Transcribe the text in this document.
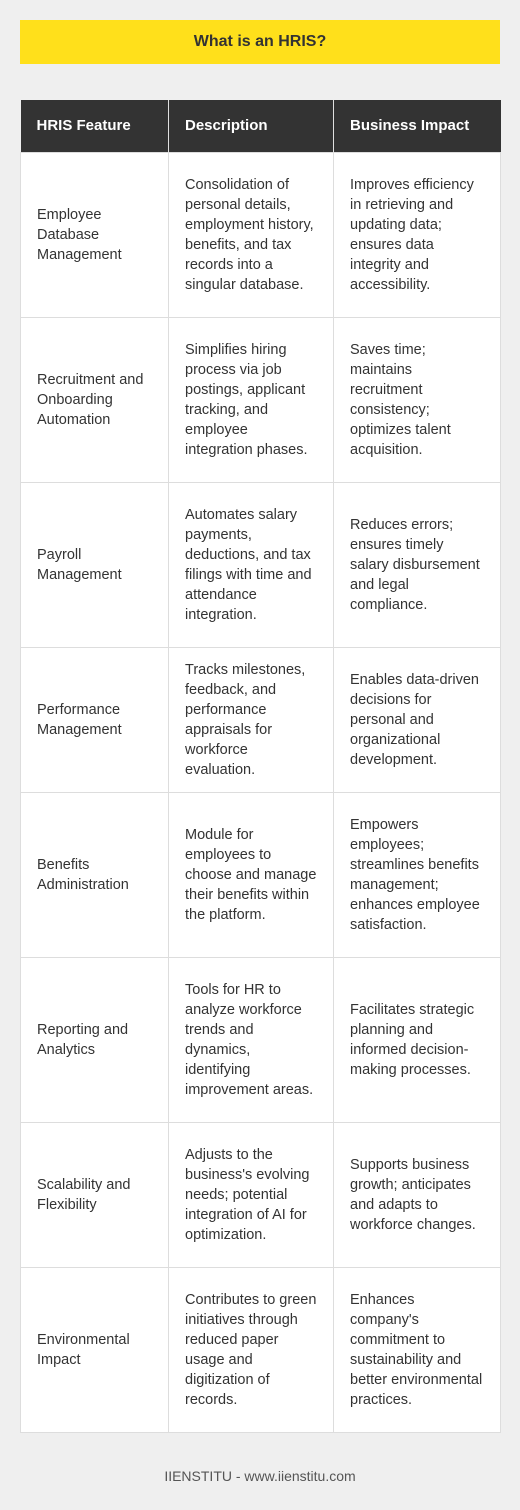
What is an HRIS?
HRIS Feature	Description	Business Impact
Employee Database Management	Consolidation of personal details, employment history, benefits, and tax records into a singular database.	Improves efficiency in retrieving and updating data; ensures data integrity and accessibility.
Recruitment and Onboarding Automation	Simplifies hiring process via job postings, applicant tracking, and employee integration phases.	Saves time; maintains recruitment consistency; optimizes talent acquisition.
Payroll Management	Automates salary payments, deductions, and tax filings with time and attendance integration.	Reduces errors; ensures timely salary disbursement and legal compliance.
Performance Management	Tracks milestones, feedback, and performance appraisals for workforce evaluation.	Enables data-driven decisions for personal and organizational development.
Benefits Administration	Module for employees to choose and manage their benefits within the platform.	Empowers employees; streamlines benefits management; enhances employee satisfaction.
Reporting and Analytics	Tools for HR to analyze workforce trends and dynamics, identifying improvement areas.	Facilitates strategic planning and informed decision-making processes.
Scalability and Flexibility	Adjusts to the business's evolving needs; potential integration of AI for optimization.	Supports business growth; anticipates and adapts to workforce changes.
Environmental Impact	Contributes to green initiatives through reduced paper usage and digitization of records.	Enhances company's commitment to sustainability and better environmental practices.
IIENSTITU - www.iienstitu.com
